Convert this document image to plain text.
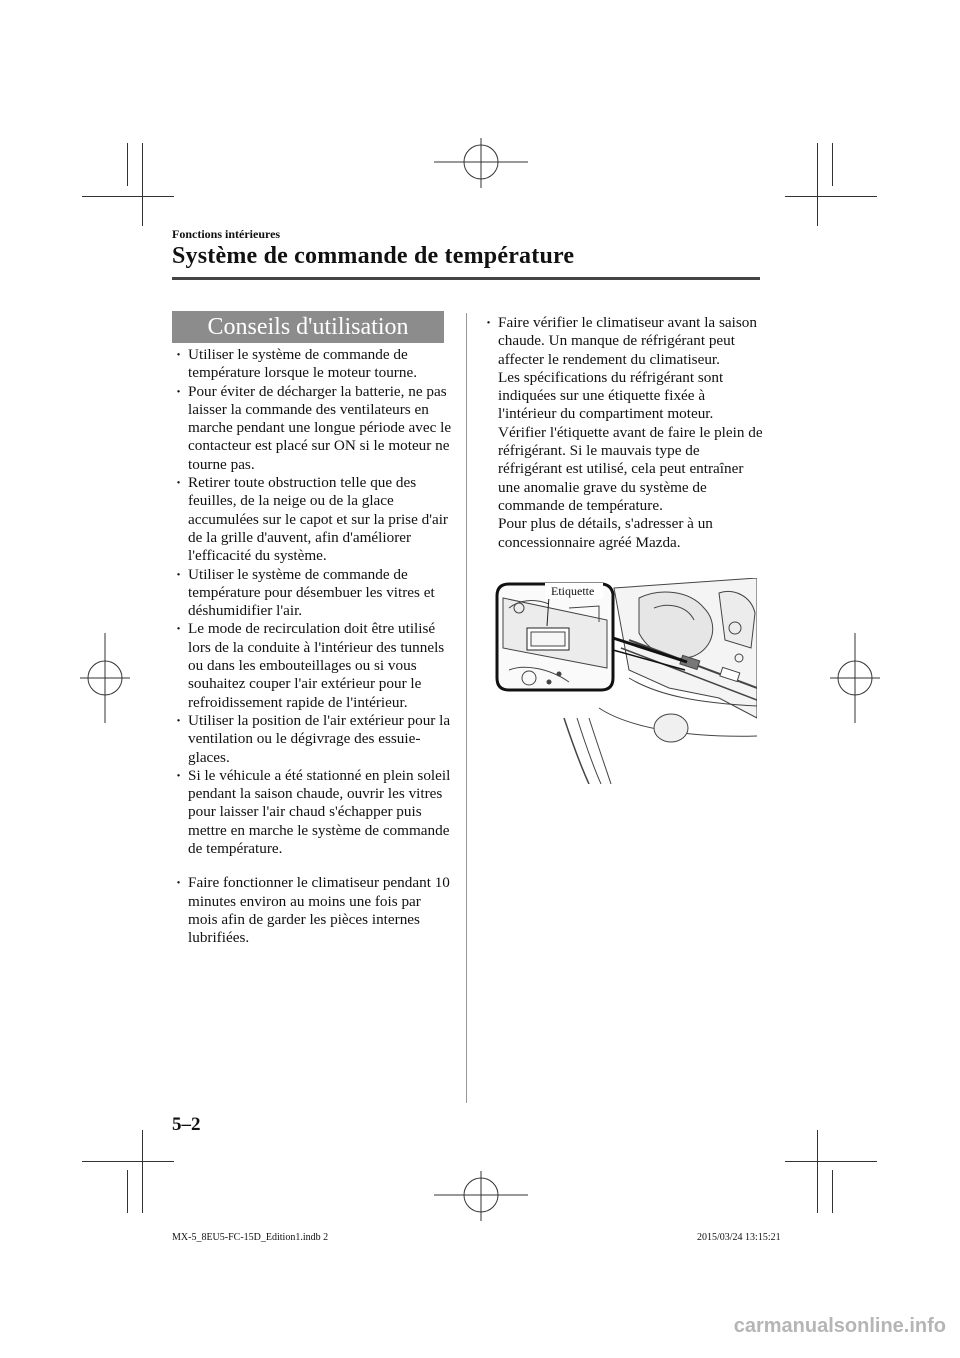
Fonctions intérieures
Système de commande de température
Conseils d'utilisation
· Utiliser le système de commande de température lorsque le moteur tourne.
· Pour éviter de décharger la batterie, ne pas laisser la commande des ventilateurs en marche pendant une longue période avec le contacteur est placé sur ON si le moteur ne tourne pas.
· Retirer toute obstruction telle que des feuilles, de la neige ou de la glace accumulées sur le capot et sur la prise d'air de la grille d'auvent, afin d'améliorer l'efficacité du système.
· Utiliser le système de commande de température pour désembuer les vitres et déshumidifier l'air.
· Le mode de recirculation doit être utilisé lors de la conduite à l'intérieur des tunnels ou dans les embouteillages ou si vous souhaitez couper l'air extérieur pour le refroidissement rapide de l'intérieur.
· Utiliser la position de l'air extérieur pour la ventilation ou le dégivrage des essuie-glaces.
· Si le véhicule a été stationné en plein soleil pendant la saison chaude, ouvrir les vitres pour laisser l'air chaud s'échapper puis mettre en marche le système de commande de température.
· Faire fonctionner le climatiseur pendant 10 minutes environ au moins une fois par mois afin de garder les pièces internes lubrifiées.
· Faire vérifier le climatiseur avant la saison chaude. Un manque de réfrigérant peut affecter le rendement du climatiseur.
Les spécifications du réfrigérant sont indiquées sur une étiquette fixée à l'intérieur du compartiment moteur. Vérifier l'étiquette avant de faire le plein de réfrigérant. Si le mauvais type de réfrigérant est utilisé, cela peut entraîner une anomalie grave du système de commande de température.
Pour plus de détails, s'adresser à un concessionnaire agréé Mazda.
Etiquette
5–2
MX-5_8EU5-FC-15D_Edition1.indb 2	2015/03/24 13:15:21
carmanualsonline.info
